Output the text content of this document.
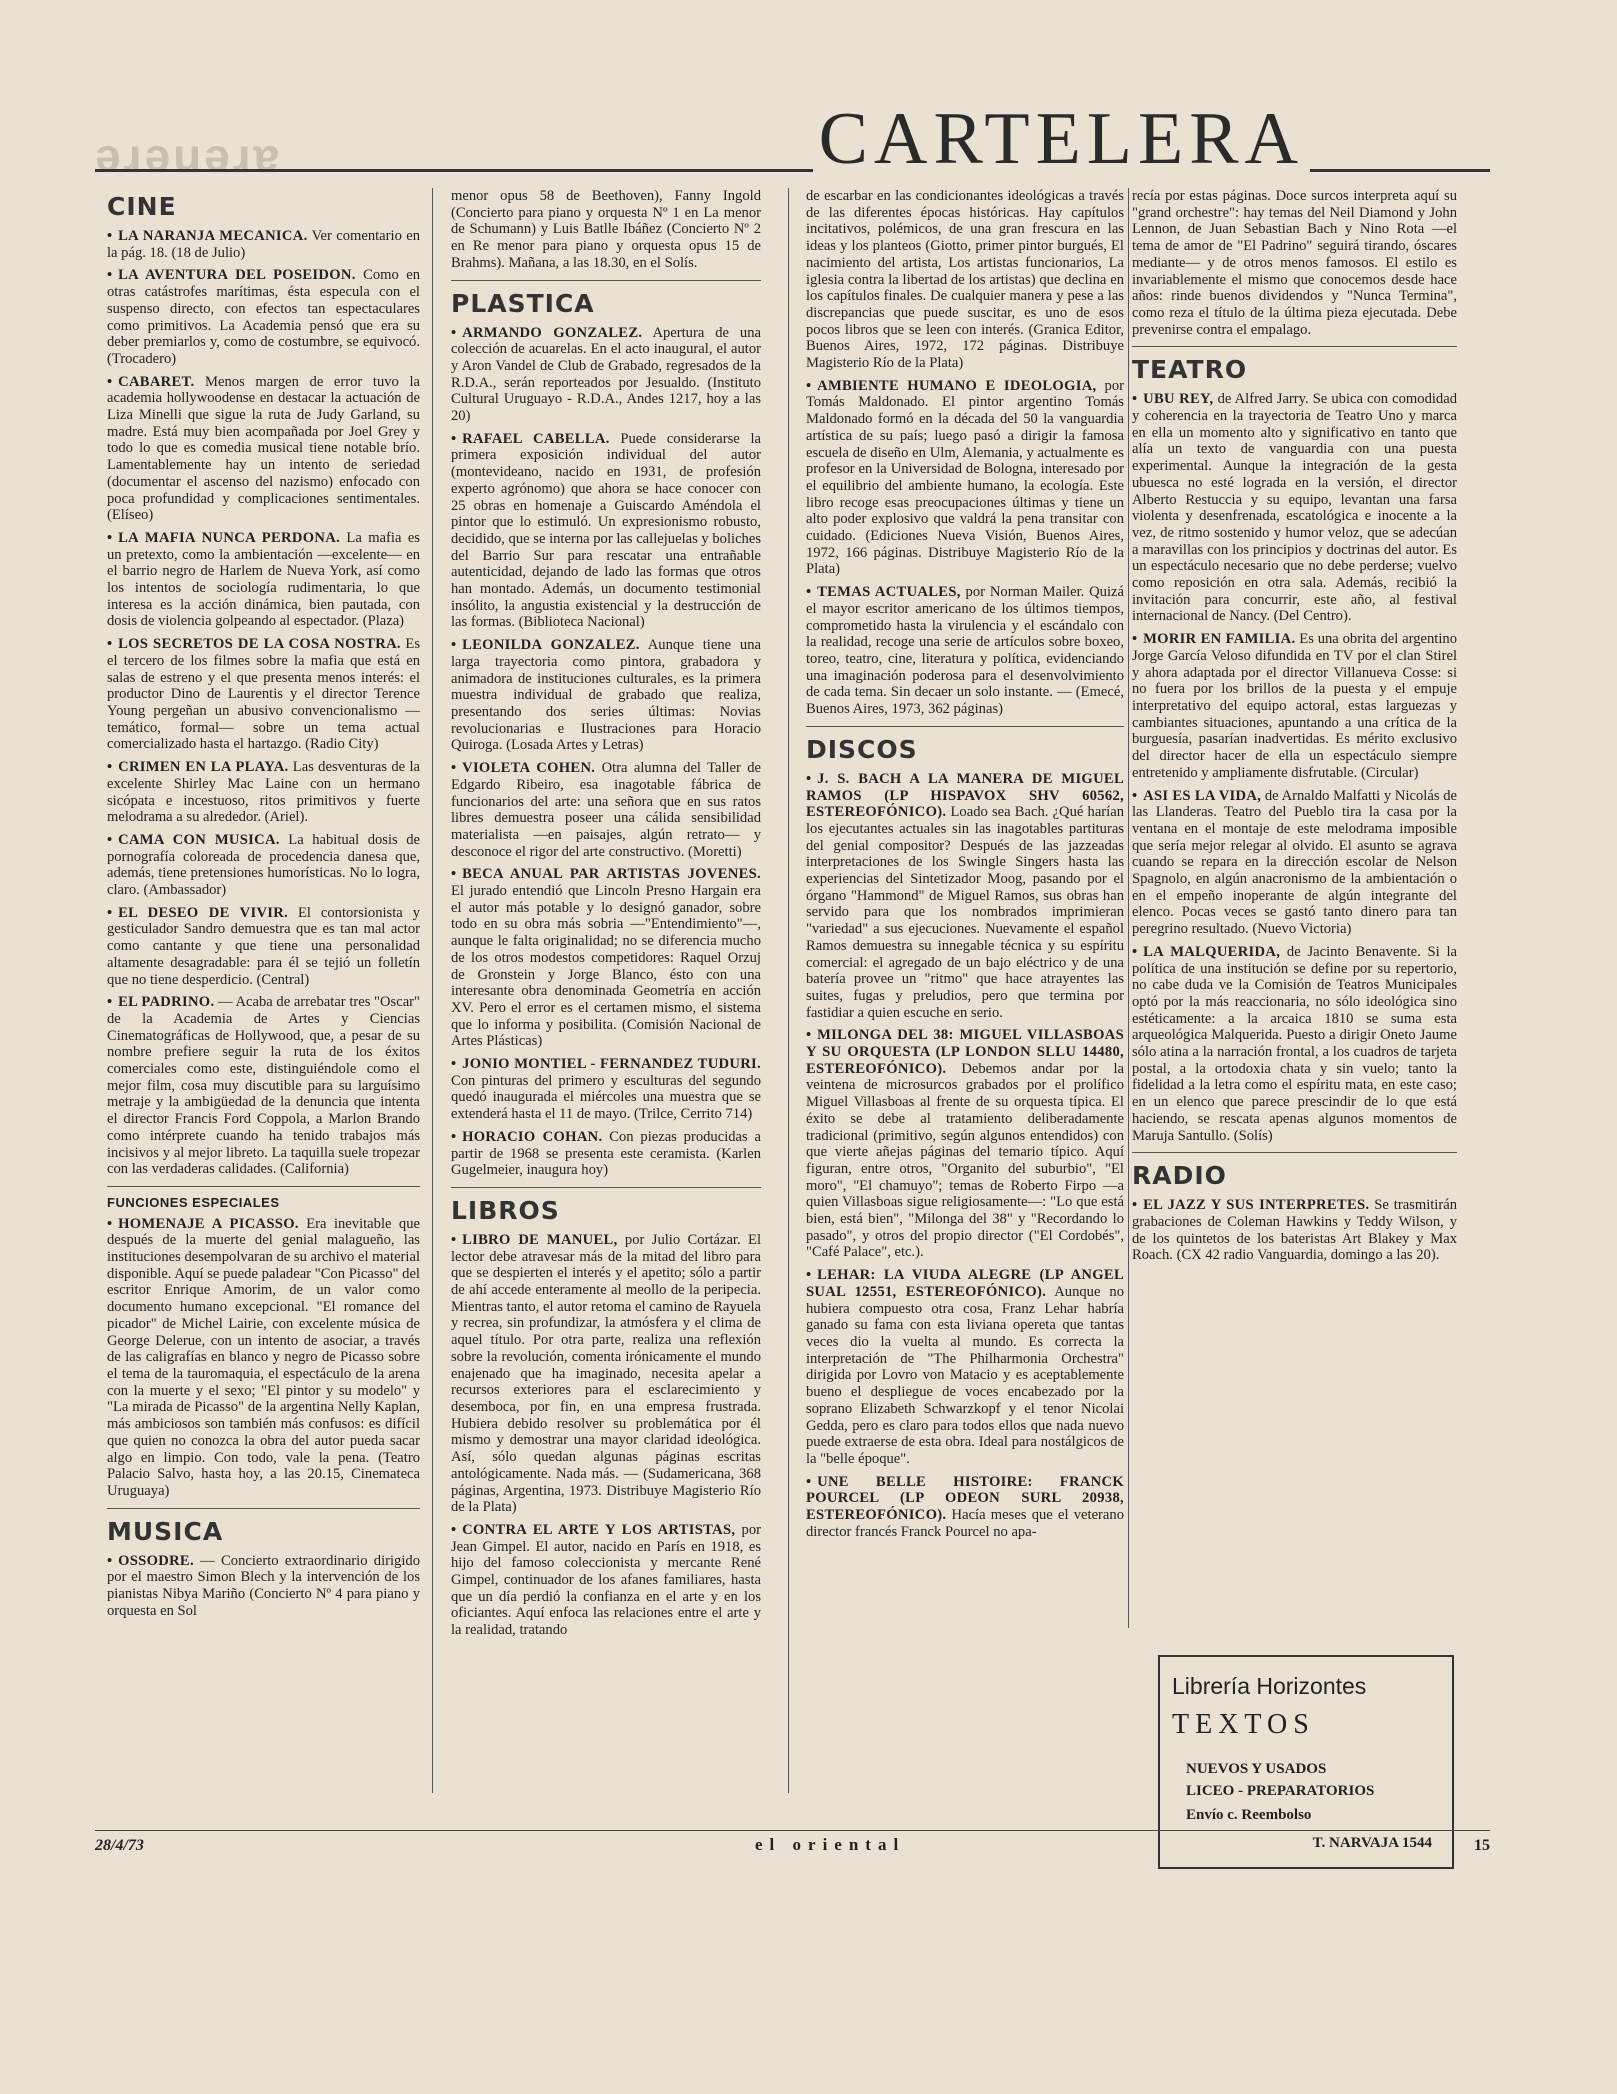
ǝɹǝuǝɹɐ	CARTELERA
CINE
• LA NARANJA MECANICA. Ver comentario en la pág. 18. (18 de Julio)
• LA AVENTURA DEL POSEIDON. Como en otras catástrofes marítimas, ésta especula con el suspenso directo, con efectos tan espectaculares como primitivos. La Academia pensó que era su deber premiarlos y, como de costumbre, se equivocó. (Trocadero)
• CABARET. Menos margen de error tuvo la academia hollywoodense en destacar la actuación de Liza Minelli que sigue la ruta de Judy Garland, su madre. Está muy bien acompañada por Joel Grey y todo lo que es comedia musical tiene notable brío. Lamentablemente hay un intento de seriedad (documentar el ascenso del nazismo) enfocado con poca profundidad y complicaciones sentimentales. (Elíseo)
• LA MAFIA NUNCA PERDONA. La mafia es un pretexto, como la ambientación —excelente— en el barrio negro de Harlem de Nueva York, así como los intentos de sociología rudimentaria, lo que interesa es la acción dinámica, bien pautada, con dosis de violencia golpeando al espectador. (Plaza)
• LOS SECRETOS DE LA COSA NOSTRA. Es el tercero de los filmes sobre la mafia que está en salas de estreno y el que presenta menos interés: el productor Dino de Laurentis y el director Terence Young pergeñan un abusivo convencionalismo —temático, formal— sobre un tema actual comercializado hasta el hartazgo. (Radio City)
• CRIMEN EN LA PLAYA. Las desventuras de la excelente Shirley Mac Laine con un hermano sicópata e incestuoso, ritos primitivos y fuerte melodrama a su alrededor. (Ariel).
• CAMA CON MUSICA. La habitual dosis de pornografía coloreada de procedencia danesa que, además, tiene pretensiones humorísticas. No lo logra, claro. (Ambassador)
• EL DESEO DE VIVIR. El contorsionista y gesticulador Sandro demuestra que es tan mal actor como cantante y que tiene una personalidad altamente desagradable: para él se tejió un folletín que no tiene desperdicio. (Central)
• EL PADRINO. — Acaba de arrebatar tres "Oscar" de la Academia de Artes y Ciencias Cinematográficas de Hollywood, que, a pesar de su nombre prefiere seguir la ruta de los éxitos comerciales como este, distinguiéndole como el mejor film, cosa muy discutible para su larguísimo metraje y la ambigüedad de la denuncia que intenta el director Francis Ford Coppola, a Marlon Brando como intérprete cuando ha tenido trabajos más incisivos y al mejor libreto. La taquilla suele tropezar con las verdaderas calidades. (California)
FUNCIONES ESPECIALES
• HOMENAJE A PICASSO. Era inevitable que después de la muerte del genial malagueño, las instituciones desempolvaran de su archivo el material disponible. Aquí se puede paladear "Con Picasso" del escritor Enrique Amorim, de un valor como documento humano excepcional. "El romance del picador" de Michel Lairie, con excelente música de George Delerue, con un intento de asociar, a través de las caligrafías en blanco y negro de Picasso sobre el tema de la tauromaquia, el espectáculo de la arena con la muerte y el sexo; "El pintor y su modelo" y "La mirada de Picasso" de la argentina Nelly Kaplan, más ambiciosos son también más confusos: es difícil que quien no conozca la obra del autor pueda sacar algo en limpio. Con todo, vale la pena. (Teatro Palacio Salvo, hasta hoy, a las 20.15, Cinemateca Uruguaya)
MUSICA
• OSSODRE. — Concierto extraordinario dirigido por el maestro Simon Blech y la intervención de los pianistas Nibya Mariño (Concierto Nº 4 para piano y orquesta en Sol
menor opus 58 de Beethoven), Fanny Ingold (Concierto para piano y orquesta Nº 1 en La menor de Schumann) y Luis Batlle Ibáñez (Concierto Nº 2 en Re menor para piano y orquesta opus 15 de Brahms). Mañana, a las 18.30, en el Solís.
PLASTICA
• ARMANDO GONZALEZ. Apertura de una colección de acuarelas. En el acto inaugural, el autor y Aron Vandel de Club de Grabado, regresados de la R.D.A., serán reporteados por Jesualdo. (Instituto Cultural Uruguayo - R.D.A., Andes 1217, hoy a las 20)
• RAFAEL CABELLA. Puede considerarse la primera exposición individual del autor (montevideano, nacido en 1931, de profesión experto agrónomo) que ahora se hace conocer con 25 obras en homenaje a Guiscardo Améndola el pintor que lo estimuló. Un expresionismo robusto, decidido, que se interna por las callejuelas y boliches del Barrio Sur para rescatar una entrañable autenticidad, dejando de lado las formas que otros han montado. Además, un documento testimonial insólito, la angustia existencial y la destrucción de las formas. (Biblioteca Nacional)
• LEONILDA GONZALEZ. Aunque tiene una larga trayectoria como pintora, grabadora y animadora de instituciones culturales, es la primera muestra individual de grabado que realiza, presentando dos series últimas: Novias revolucionarias e Ilustraciones para Horacio Quiroga. (Losada Artes y Letras)
• VIOLETA COHEN. Otra alumna del Taller de Edgardo Ribeiro, esa inagotable fábrica de funcionarios del arte: una señora que en sus ratos libres demuestra poseer una cálida sensibilidad materialista —en paisajes, algún retrato— y desconoce el rigor del arte constructivo. (Moretti)
• BECA ANUAL PAR ARTISTAS JOVENES. El jurado entendió que Lincoln Presno Hargain era el autor más potable y lo designó ganador, sobre todo en su obra más sobria —"Entendimiento"—, aunque le falta originalidad; no se diferencia mucho de los otros modestos competidores: Raquel Orzuj de Gronstein y Jorge Blanco, ésto con una interesante obra denominada Geometría en acción XV. Pero el error es el certamen mismo, el sistema que lo informa y posibilita. (Comisión Nacional de Artes Plásticas)
• JONIO MONTIEL - FERNANDEZ TUDURI. Con pinturas del primero y esculturas del segundo quedó inaugurada el miércoles una muestra que se extenderá hasta el 11 de mayo. (Trilce, Cerrito 714)
• HORACIO COHAN. Con piezas producidas a partir de 1968 se presenta este ceramista. (Karlen Gugelmeier, inaugura hoy)
LIBROS
• LIBRO DE MANUEL, por Julio Cortázar. El lector debe atravesar más de la mitad del libro para que se despierten el interés y el apetito; sólo a partir de ahí accede enteramente al meollo de la peripecia. Mientras tanto, el autor retoma el camino de Rayuela y recrea, sin profundizar, la atmósfera y el clima de aquel título. Por otra parte, realiza una reflexión sobre la revolución, comenta irónicamente el mundo enajenado que ha imaginado, necesita apelar a recursos exteriores para el esclarecimiento y desemboca, por fin, en una empresa frustrada. Hubiera debido resolver su problemática por él mismo y demostrar una mayor claridad ideológica. Así, sólo quedan algunas páginas escritas antológicamente. Nada más. — (Sudamericana, 368 páginas, Argentina, 1973. Distribuye Magisterio Río de la Plata)
• CONTRA EL ARTE Y LOS ARTISTAS, por Jean Gimpel. El autor, nacido en París en 1918, es hijo del famoso coleccionista y mercante René Gimpel, continuador de los afanes familiares, hasta que un día perdió la confianza en el arte y en los oficiantes. Aquí enfoca las relaciones entre el arte y la realidad, tratando
de escarbar en las condicionantes ideológicas a través de las diferentes épocas históricas. Hay capítulos incitativos, polémicos, de una gran frescura en las ideas y los planteos (Giotto, primer pintor burgués, El nacimiento del artista, Los artistas funcionarios, La iglesia contra la libertad de los artistas) que declina en los capítulos finales. De cualquier manera y pese a las discrepancias que puede suscitar, es uno de esos pocos libros que se leen con interés. (Granica Editor, Buenos Aires, 1972, 172 páginas. Distribuye Magisterio Río de la Plata)
• AMBIENTE HUMANO E IDEOLOGIA, por Tomás Maldonado. El pintor argentino Tomás Maldonado formó en la década del 50 la vanguardia artística de su país; luego pasó a dirigir la famosa escuela de diseño en Ulm, Alemania, y actualmente es profesor en la Universidad de Bologna, interesado por el equilibrio del ambiente humano, la ecología. Este libro recoge esas preocupaciones últimas y tiene un alto poder explosivo que valdrá la pena transitar con cuidado. (Ediciones Nueva Visión, Buenos Aires, 1972, 166 páginas. Distribuye Magisterio Río de la Plata)
• TEMAS ACTUALES, por Norman Mailer. Quizá el mayor escritor americano de los últimos tiempos, comprometido hasta la virulencia y el escándalo con la realidad, recoge una serie de artículos sobre boxeo, toreo, teatro, cine, literatura y política, evidenciando una imaginación poderosa para el desenvolvimiento de cada tema. Sin decaer un solo instante. — (Emecé, Buenos Aires, 1973, 362 páginas)
DISCOS
• J. S. BACH A LA MANERA DE MIGUEL RAMOS (LP HISPAVOX SHV 60562, ESTEREOFÓNICO). Loado sea Bach. ¿Qué harían los ejecutantes actuales sin las inagotables partituras del genial compositor? Después de las jazzeadas interpretaciones de los Swingle Singers hasta las experiencias del Sintetizador Moog, pasando por el órgano "Hammond" de Miguel Ramos, sus obras han servido para que los nombrados imprimieran "variedad" a sus ejecuciones. Nuevamente el español Ramos demuestra su innegable técnica y su espíritu comercial: el agregado de un bajo eléctrico y de una batería provee un "ritmo" que hace atrayentes las suites, fugas y preludios, pero que termina por fastidiar a quien escuche en serio.
• MILONGA DEL 38: MIGUEL VILLASBOAS Y SU ORQUESTA (LP LONDON SLLU 14480, ESTEREOFÓNICO). Debemos andar por la veintena de microsurcos grabados por el prolífico Miguel Villasboas al frente de su orquesta típica. El éxito se debe al tratamiento deliberadamente tradicional (primitivo, según algunos entendidos) con que vierte añejas páginas del temario típico. Aquí figuran, entre otros, "Organito del suburbio", "El moro", "El chamuyo"; temas de Roberto Firpo —a quien Villasboas sigue religiosamente—: "Lo que está bien, está bien", "Milonga del 38" y "Recordando lo pasado", y otros del propio director ("El Cordobés", "Café Palace", etc.).
• LEHAR: LA VIUDA ALEGRE (LP ANGEL SUAL 12551, ESTEREOFÓNICO). Aunque no hubiera compuesto otra cosa, Franz Lehar habría ganado su fama con esta liviana opereta que tantas veces dio la vuelta al mundo. Es correcta la interpretación de "The Philharmonia Orchestra" dirigida por Lovro von Matacio y es aceptablemente bueno el despliegue de voces encabezado por la soprano Elizabeth Schwarzkopf y el tenor Nicolai Gedda, pero es claro para todos ellos que nada nuevo puede extraerse de esta obra. Ideal para nostálgicos de la "belle époque".
• UNE BELLE HISTOIRE: FRANCK POURCEL (LP ODEON SURL 20938, ESTEREOFÓNICO). Hacía meses que el veterano director francés Franck Pourcel no apa-
recía por estas páginas. Doce surcos interpreta aquí su "grand orchestre": hay temas del Neil Diamond y John Lennon, de Juan Sebastian Bach y Nino Rota —el tema de amor de "El Padrino" seguirá tirando, óscares mediante— y de otros menos famosos. El estilo es invariablemente el mismo que conocemos desde hace años: rinde buenos dividendos y "Nunca Termina", como reza el título de la última pieza ejecutada. Debe prevenirse contra el empalago.
TEATRO
• UBU REY, de Alfred Jarry. Se ubica con comodidad y coherencia en la trayectoria de Teatro Uno y marca en ella un momento alto y significativo en tanto que alía un texto de vanguardia con una puesta experimental. Aunque la integración de la gesta ubuesca no esté lograda en la versión, el director Alberto Restuccia y su equipo, levantan una farsa violenta y desenfrenada, escatológica e inocente a la vez, de ritmo sostenido y humor veloz, que se adecúan a maravillas con los principios y doctrinas del autor. Es un espectáculo necesario que no debe perderse; vuelvo como reposición en otra sala. Además, recibió la invitación para concurrir, este año, al festival internacional de Nancy. (Del Centro).
• MORIR EN FAMILIA. Es una obrita del argentino Jorge García Veloso difundida en TV por el clan Stirel y ahora adaptada por el director Villanueva Cosse: si no fuera por los brillos de la puesta y el empuje interpretativo del equipo actoral, estas larguezas y cambiantes situaciones, apuntando a una crítica de la burguesía, pasarían inadvertidas. Es mérito exclusivo del director hacer de ella un espectáculo siempre entretenido y ampliamente disfrutable. (Circular)
• ASI ES LA VIDA, de Arnaldo Malfatti y Nicolás de las Llanderas. Teatro del Pueblo tira la casa por la ventana en el montaje de este melodrama imposible que sería mejor relegar al olvido. El asunto se agrava cuando se repara en la dirección escolar de Nelson Spagnolo, en algún anacronismo de la ambientación o en el empeño inoperante de algún integrante del elenco. Pocas veces se gastó tanto dinero para tan peregrino resultado. (Nuevo Victoria)
• LA MALQUERIDA, de Jacinto Benavente. Si la política de una institución se define por su repertorio, no cabe duda ve la Comisión de Teatros Municipales optó por la más reaccionaria, no sólo ideológica sino estéticamente: a la arcaica 1810 se suma esta arqueológica Malquerida. Puesto a dirigir Oneto Jaume sólo atina a la narración frontal, a los cuadros de tarjeta postal, a la ortodoxia chata y sin vuelo; tanto la fidelidad a la letra como el espíritu mata, en este caso; en un elenco que parece prescindir de lo que está haciendo, se rescata apenas algunos momentos de Maruja Santullo. (Solís)
RADIO
• EL JAZZ Y SUS INTERPRETES. Se trasmitirán grabaciones de Coleman Hawkins y Teddy Wilson, y de los quintetos de los bateristas Art Blakey y Max Roach. (CX 42 radio Vanguardia, domingo a las 20).
Librería Horizontes
TEXTOS
NUEVOS Y USADOS
LICEO - PREPARATORIOS
Envío c. Reembolso
T. NARVAJA 1544
28/4/73	el oriental	15
